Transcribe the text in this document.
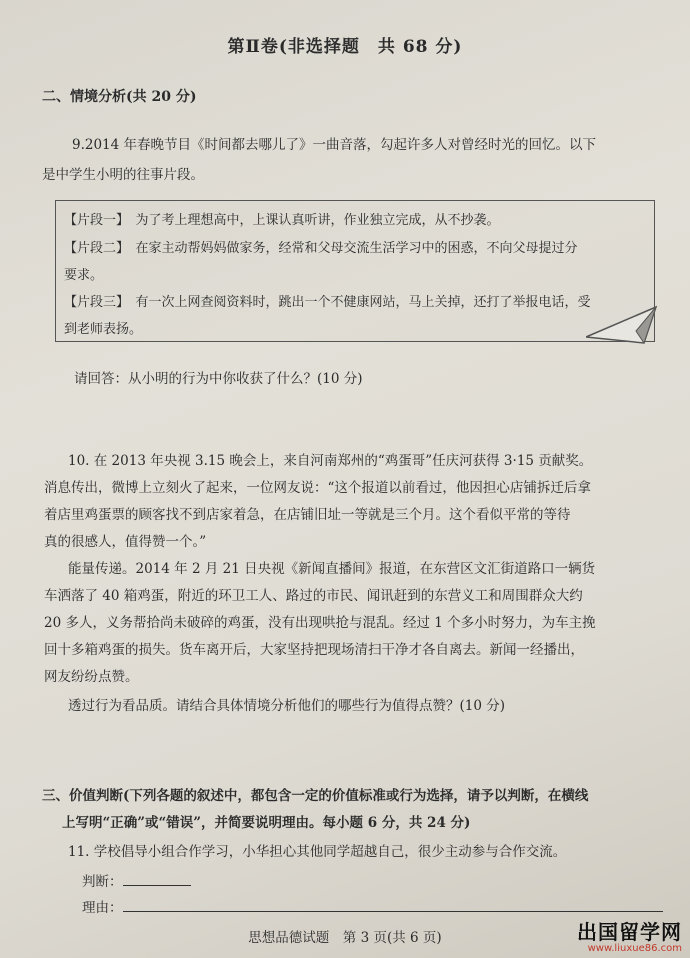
第Ⅱ卷(非选择题　共 68 分)
二、情境分析(共 20 分)
9.2014 年春晚节目《时间都去哪儿了》一曲音落，勾起许多人对曾经时光的回忆。以下
是中学生小明的往事片段。
【片段一】　为了考上理想高中，上课认真听讲，作业独立完成，从不抄袭。
【片段二】　在家主动帮妈妈做家务，经常和父母交流生活学习中的困惑，不向父母提过分
要求。
【片段三】　有一次上网查阅资料时，跳出一个不健康网站，马上关掉，还打了举报电话，受
到老师表扬。
请回答：从小明的行为中你收获了什么？(10 分)
10. 在 2013 年央视 3.15 晚会上，来自河南郑州的“鸡蛋哥”任庆河获得 3·15 贡献奖。
消息传出，微博上立刻火了起来，一位网友说：“这个报道以前看过，他因担心店铺拆迁后拿
着店里鸡蛋票的顾客找不到店家着急，在店铺旧址一等就是三个月。这个看似平常的等待
真的很感人，值得赞一个。”
能量传递。2014 年 2 月 21 日央视《新闻直播间》报道，在东营区文汇街道路口一辆货
车洒落了 40 箱鸡蛋，附近的环卫工人、路过的市民、闻讯赶到的东营义工和周围群众大约
20 多人，义务帮拾尚未破碎的鸡蛋，没有出现哄抢与混乱。经过 1 个多小时努力，为车主挽
回十多箱鸡蛋的损失。货车离开后，大家坚持把现场清扫干净才各自离去。新闻一经播出，
网友纷纷点赞。
透过行为看品质。请结合具体情境分析他们的哪些行为值得点赞？(10 分)
三、价值判断(下列各题的叙述中，都包含一定的价值标准或行为选择，请予以判断，在横线
上写明“正确”或“错误”，并简要说明理由。每小题 6 分，共 24 分)
11. 学校倡导小组合作学习，小华担心其他同学超越自己，很少主动参与合作交流。
判断：
理由：
思想品德试题　第 3 页(共 6 页)	出国留学网
www.liuxue86.com
